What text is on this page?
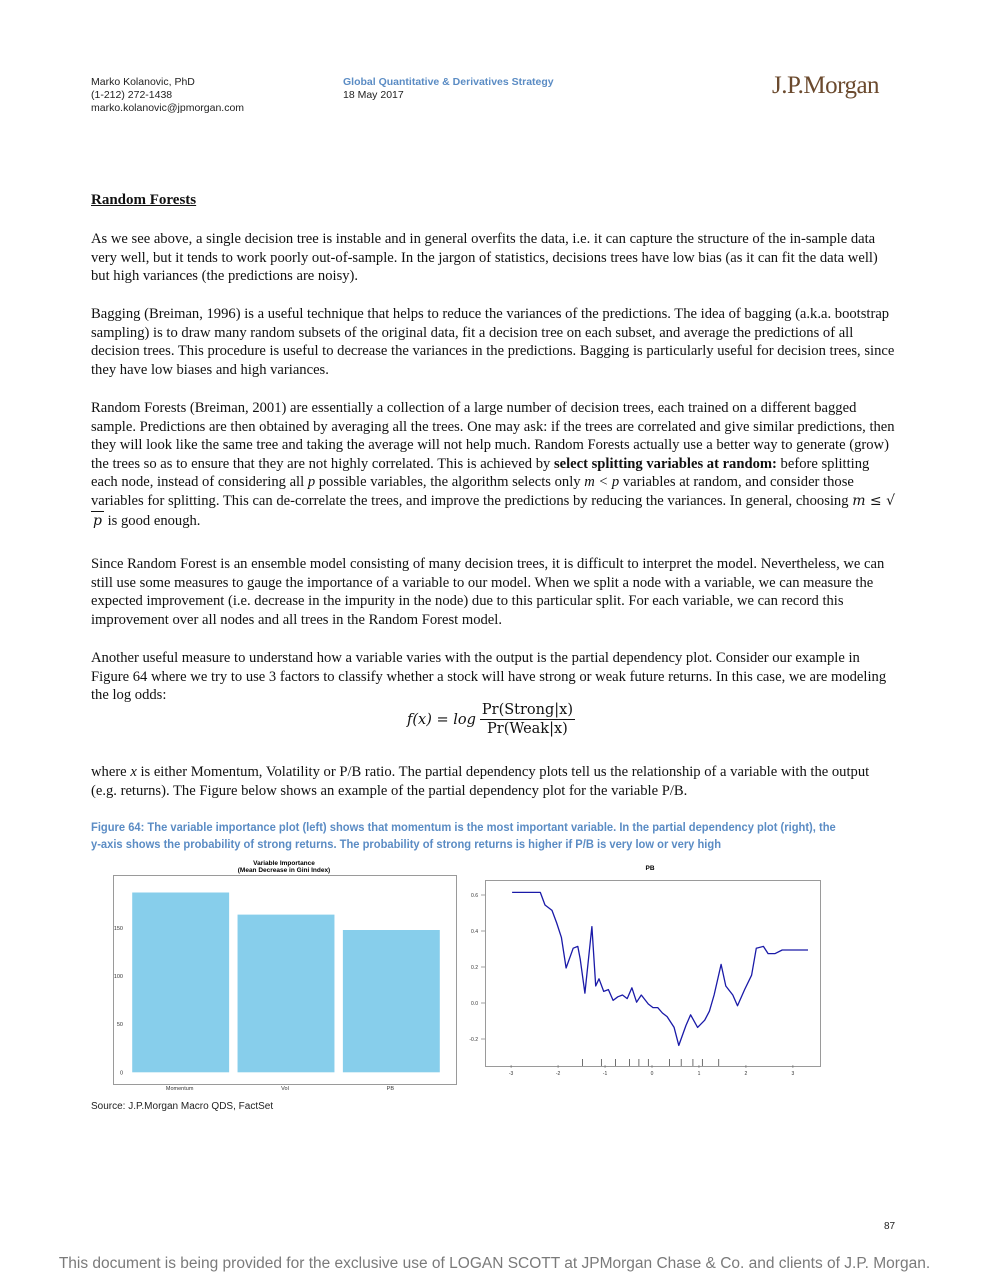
Marko Kolanovic, PhD
(1-212) 272-1438
marko.kolanovic@jpmorgan.com
Global Quantitative & Derivatives Strategy
18 May 2017	J.P.Morgan
Random Forests

As we see above, a single decision tree is instable and in general overfits the data, i.e. it can capture the structure of the in-sample data very well, but it tends to work poorly out-of-sample. In the jargon of statistics, decisions trees have low bias (as it can fit the data well) but high variances (the predictions are noisy).

Bagging (Breiman, 1996) is a useful technique that helps to reduce the variances of the predictions. The idea of bagging (a.k.a. bootstrap sampling) is to draw many random subsets of the original data, fit a decision tree on each subset, and average the predictions of all decision trees. This procedure is useful to decrease the variances in the predictions. Bagging is particularly useful for decision trees, since they have low biases and high variances.

Random Forests (Breiman, 2001) are essentially a collection of a large number of decision trees, each trained on a different bagged sample. Predictions are then obtained by averaging all the trees. One may ask: if the trees are correlated and give similar predictions, then they will look like the same tree and taking the average will not help much. Random Forests actually use a better way to generate (grow) the trees so as to ensure that they are not highly correlated. This is achieved by select splitting variables at random: before splitting each node, instead of considering all p possible variables, the algorithm selects only m < p variables at random, and consider those variables for splitting. This can de-correlate the trees, and improve the predictions by reducing the variances. In general, choosing m ≤ √p is good enough.

Since Random Forest is an ensemble model consisting of many decision trees, it is difficult to interpret the model. Nevertheless, we can still use some measures to gauge the importance of a variable to our model. When we split a node with a variable, we can measure the expected improvement (i.e. decrease in the impurity in the node) due to this particular split. For each variable, we can record this improvement over all nodes and all trees in the Random Forest model.

Another useful measure to understand how a variable varies with the output is the partial dependency plot. Consider our example in Figure 64 where we try to use 3 factors to classify whether a stock will have strong or weak future returns. In this case, we are modeling the log odds:

$f(x) = \log \frac{\text{Pr(Strong|x)}}{\text{Pr(Weak|x)}}$

where x is either Momentum, Volatility or P/B ratio. The partial dependency plots tell us the relationship of a variable with the output (e.g. returns). The Figure below shows an example of the partial dependency plot for the variable P/B.

Figure 64: The variable importance plot (left) shows that momentum is the most important variable. In the partial dependency plot (right), the y-axis shows the probability of strong returns. The probability of strong returns is higher if P/B is very low or very high
0
50
100
150
Variable Importance
(Mean Decrease in Gini Index)
Momentum	Vol	PB
PB
-0.2
0.0
0.2
0.4
0.6
-3	-2	-1	0	1	2	3
Source: J.P.Morgan Macro QDS, FactSet
87
This document is being provided for the exclusive use of LOGAN SCOTT at JPMorgan Chase & Co. and clients of J.P. Morgan.
